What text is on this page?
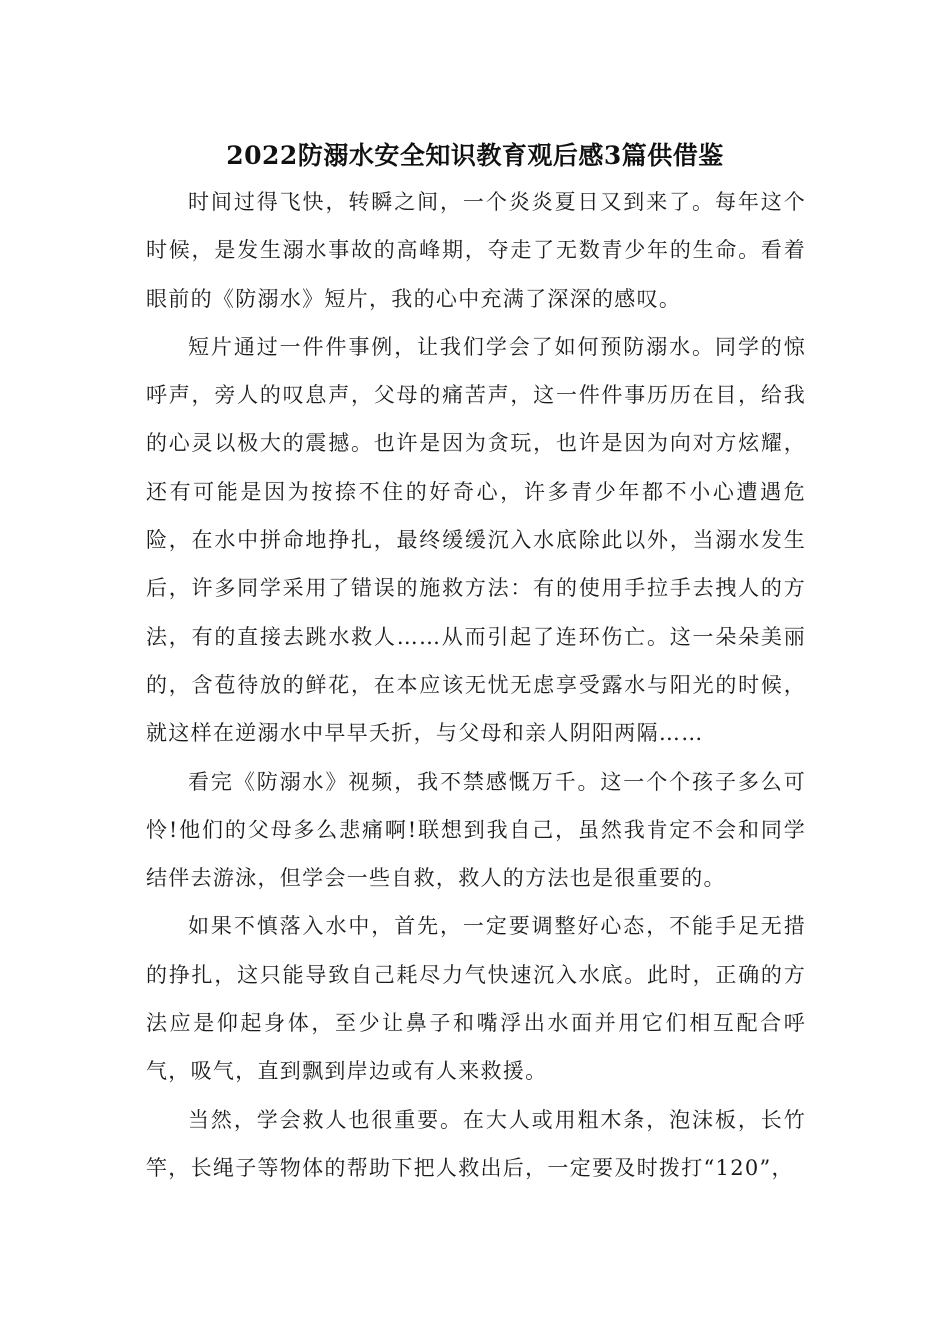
2022防溺水安全知识教育观后感3篇供借鉴

时间过得飞快，转瞬之间，一个炎炎夏日又到来了。每年这个时候，是发生溺水事故的高峰期，夺走了无数青少年的生命。看着眼前的《防溺水》短片，我的心中充满了深深的感叹。

短片通过一件件事例，让我们学会了如何预防溺水。同学的惊呼声，旁人的叹息声，父母的痛苦声，这一件件事历历在目，给我的心灵以极大的震撼。也许是因为贪玩，也许是因为向对方炫耀，还有可能是因为按捺不住的好奇心，许多青少年都不小心遭遇危险，在水中拼命地挣扎，最终缓缓沉入水底除此以外，当溺水发生后，许多同学采用了错误的施救方法：有的使用手拉手去拽人的方法，有的直接去跳水救人……从而引起了连环伤亡。这一朵朵美丽的，含苞待放的鲜花，在本应该无忧无虑享受露水与阳光的时候，就这样在逆溺水中早早夭折，与父母和亲人阴阳两隔……

看完《防溺水》视频，我不禁感慨万千。这一个个孩子多么可怜!他们的父母多么悲痛啊!联想到我自己，虽然我肯定不会和同学结伴去游泳，但学会一些自救，救人的方法也是很重要的。

如果不慎落入水中，首先，一定要调整好心态，不能手足无措的挣扎，这只能导致自己耗尽力气快速沉入水底。此时，正确的方法应是仰起身体，至少让鼻子和嘴浮出水面并用它们相互配合呼气，吸气，直到飘到岸边或有人来救援。

当然，学会救人也很重要。在大人或用粗木条，泡沫板，长竹竿，长绳子等物体的帮助下把人救出后，一定要及时拨打“120”，
